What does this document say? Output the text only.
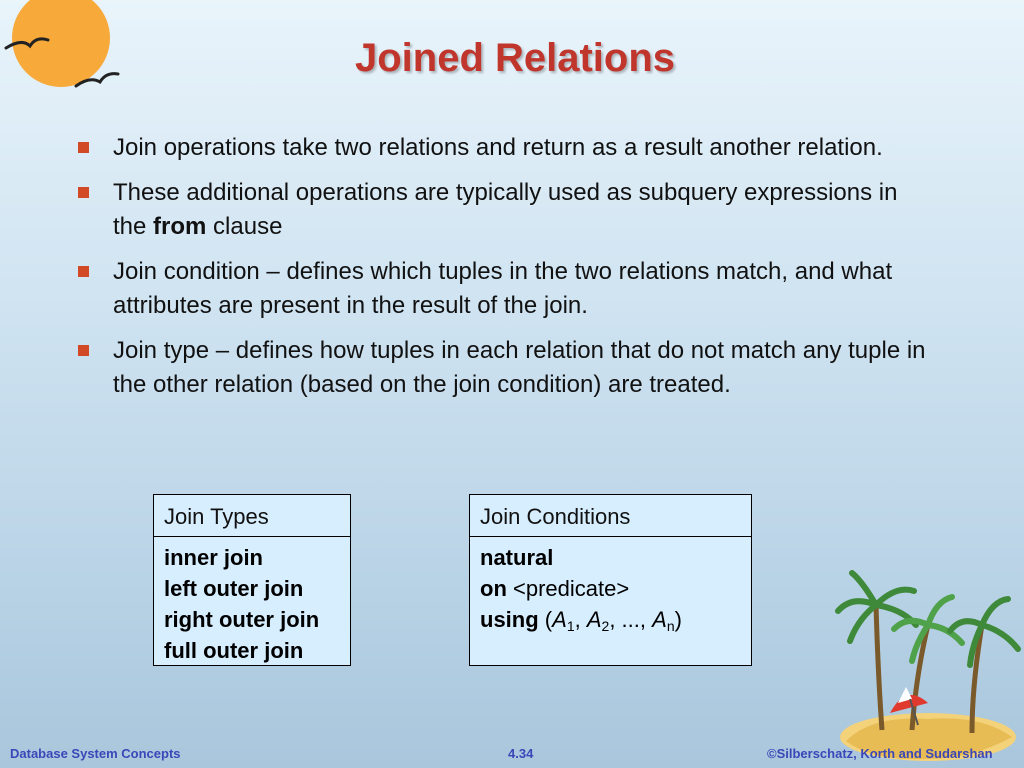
Joined Relations
Join operations take two relations and return as a result another relation.
These additional operations are typically used as subquery expressions in the from clause
Join condition – defines which tuples in the two relations match, and what attributes are present in the result of the join.
Join type – defines how tuples in each relation that do not match any tuple in the other relation (based on the join condition) are treated.
Join Types
inner join
left outer join
right outer join
full outer join
Join Conditions
natural
on <predicate>
using ($A_1$, $A_2$, ..., $A_n$)
Database System Concepts	4.34	©Silberschatz, Korth and Sudarshan
